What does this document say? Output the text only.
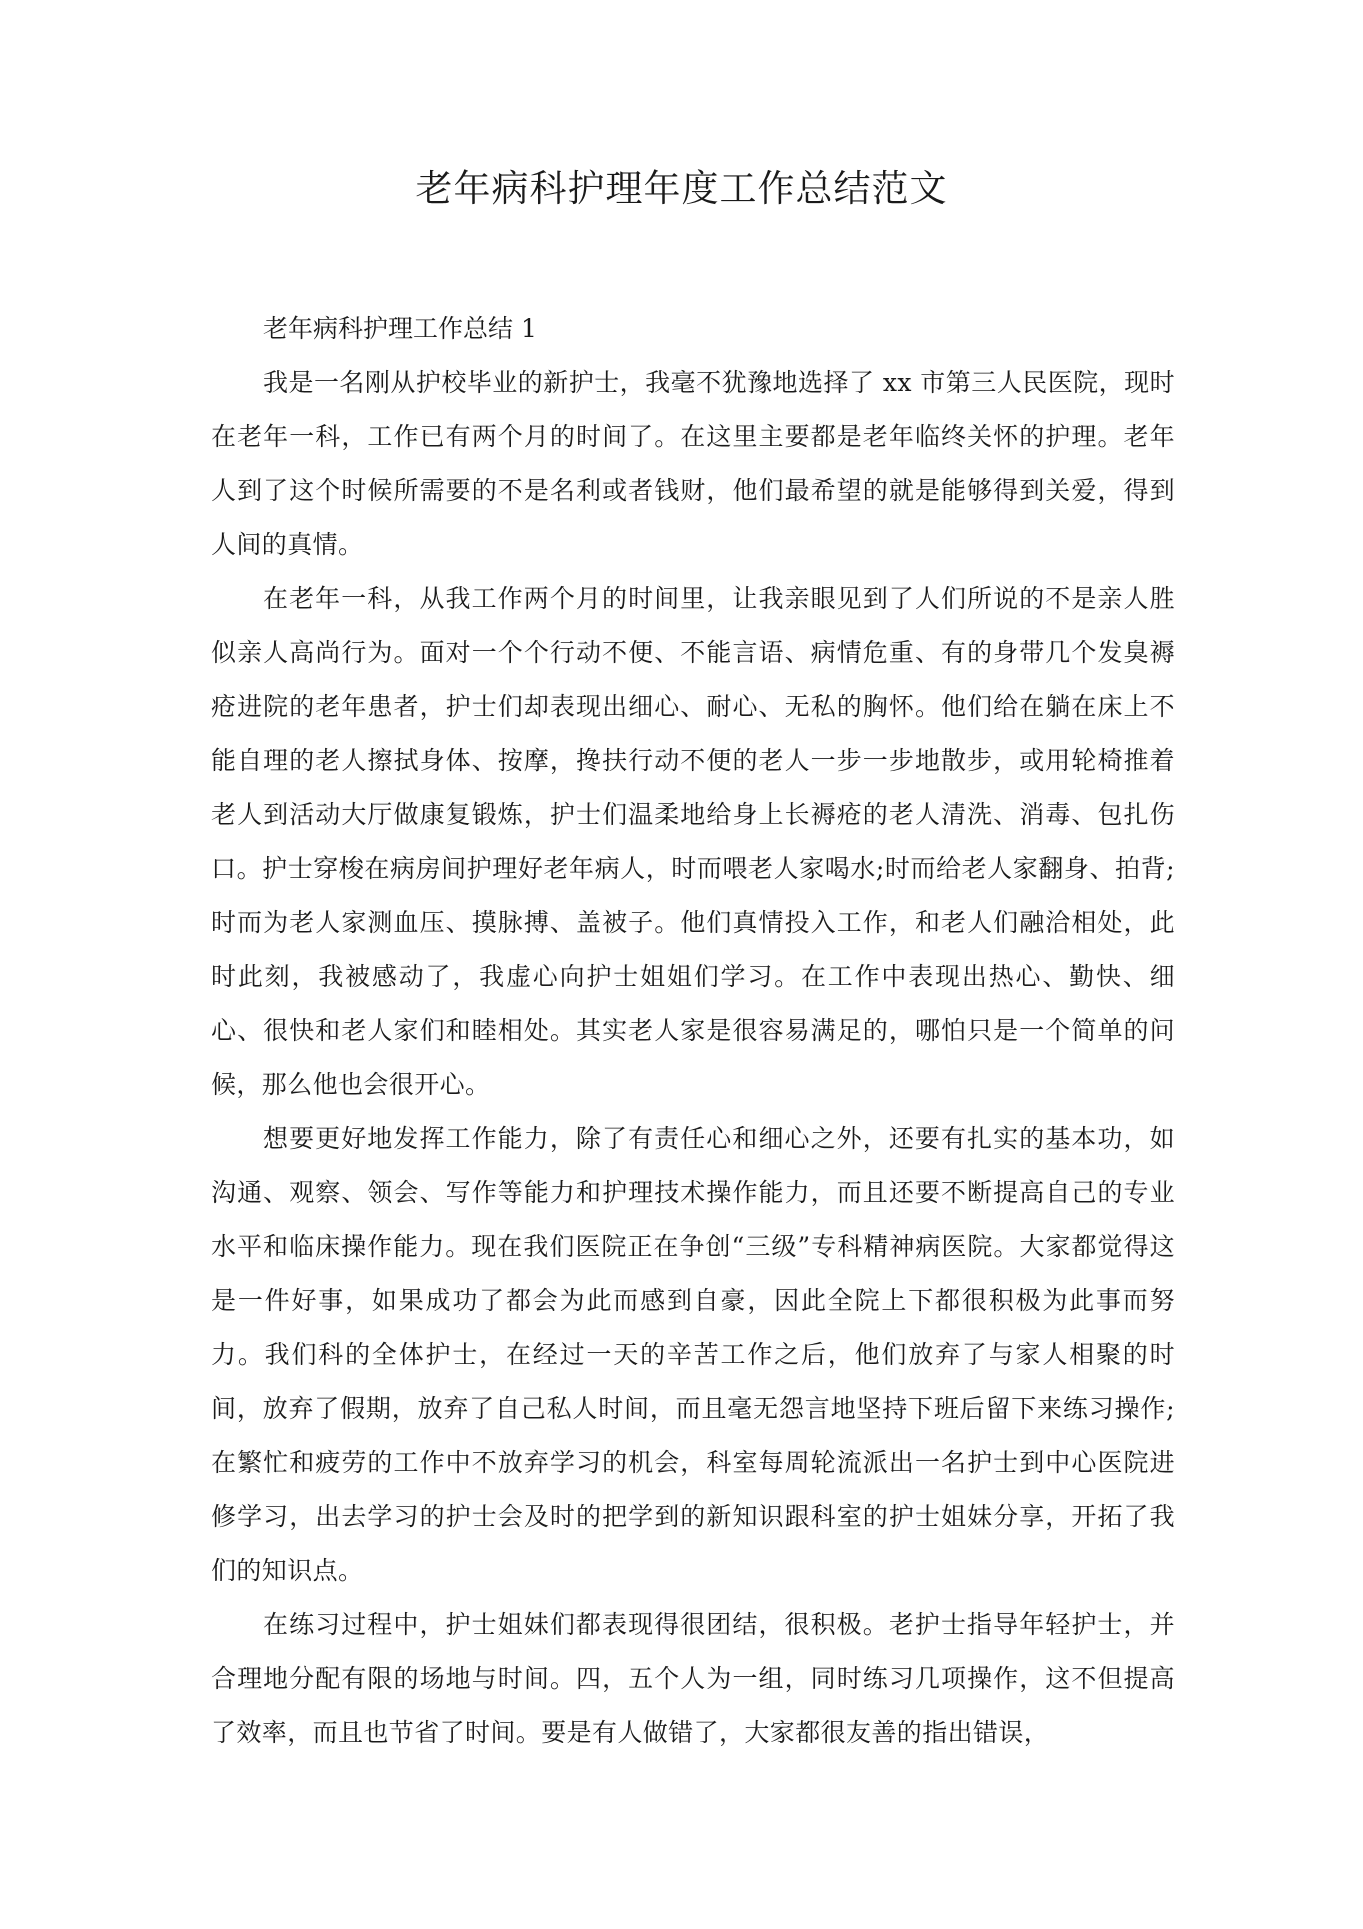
老年病科护理年度工作总结范文
老年病科护理工作总结 1

我是一名刚从护校毕业的新护士，我毫不犹豫地选择了 xx 市第三人民医院，现时在老年一科，工作已有两个月的时间了。在这里主要都是老年临终关怀的护理。老年人到了这个时候所需要的不是名利或者钱财，他们最希望的就是能够得到关爱，得到人间的真情。

在老年一科，从我工作两个月的时间里，让我亲眼见到了人们所说的不是亲人胜似亲人高尚行为。面对一个个行动不便、不能言语、病情危重、有的身带几个发臭褥疮进院的老年患者，护士们却表现出细心、耐心、无私的胸怀。他们给在躺在床上不能自理的老人擦拭身体、按摩，搀扶行动不便的老人一步一步地散步，或用轮椅推着老人到活动大厅做康复锻炼，护士们温柔地给身上长褥疮的老人清洗、消毒、包扎伤口。护士穿梭在病房间护理好老年病人，时而喂老人家喝水;时而给老人家翻身、拍背;时而为老人家测血压、摸脉搏、盖被子。他们真情投入工作，和老人们融洽相处，此时此刻，我被感动了，我虚心向护士姐姐们学习。在工作中表现出热心、勤快、细心、很快和老人家们和睦相处。其实老人家是很容易满足的，哪怕只是一个简单的问候，那么他也会很开心。

想要更好地发挥工作能力，除了有责任心和细心之外，还要有扎实的基本功，如沟通、观察、领会、写作等能力和护理技术操作能力，而且还要不断提高自己的专业水平和临床操作能力。现在我们医院正在争创“三级”专科精神病医院。大家都觉得这是一件好事，如果成功了都会为此而感到自豪，因此全院上下都很积极为此事而努力。我们科的全体护士，在经过一天的辛苦工作之后，他们放弃了与家人相聚的时间，放弃了假期，放弃了自己私人时间，而且毫无怨言地坚持下班后留下来练习操作;在繁忙和疲劳的工作中不放弃学习的机会，科室每周轮流派出一名护士到中心医院进修学习，出去学习的护士会及时的把学到的新知识跟科室的护士姐妹分享，开拓了我们的知识点。

在练习过程中，护士姐妹们都表现得很团结，很积极。老护士指导年轻护士，并合理地分配有限的场地与时间。四，五个人为一组，同时练习几项操作，这不但提高了效率，而且也节省了时间。要是有人做错了，大家都很友善的指出错误，
